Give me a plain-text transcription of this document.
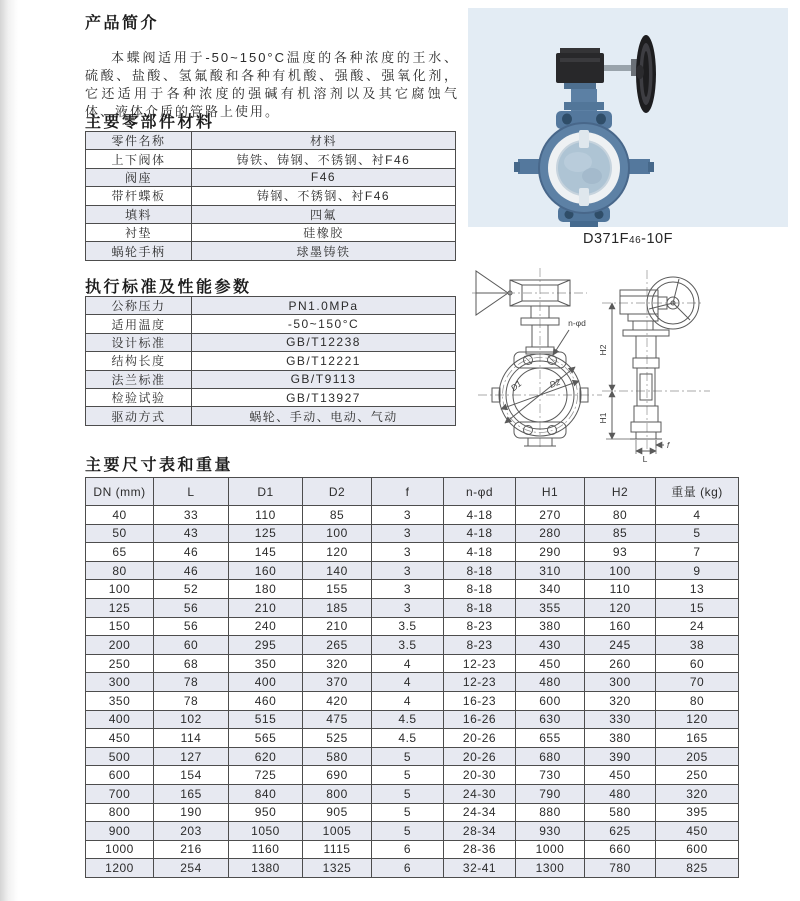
产品简介

本蝶阀适用于-50~150°C温度的各种浓度的王水、硫酸、盐酸、氢氟酸和各种有机酸、强酸、强氧化剂，它还适用于各种浓度的强碱有机溶剂以及其它腐蚀气体、液体介质的管路上使用。

主要零部件材料
零件名称	材料
上下阀体	铸铁、铸钢、不锈钢、衬F46
阀座	F46
带杆蝶板	铸钢、不锈钢、衬F46
填料	四氟
衬垫	硅橡胶
蜗轮手柄	球墨铸铁
执行标准及性能参数
公称压力	PN1.0MPa
适用温度	-50~150°C
设计标准	GB/T12238
结构长度	GB/T12221
法兰标准	GB/T9113
检验试验	GB/T13927
驱动方式	蜗轮、手动、电动、气动
D371F46-10F
n-φd
D1	D2
H2
H1
L
f
主要尺寸表和重量
DN (mm)	L	D1	D2	f	n-φd	H1	H2	重量 (kg)
40	33	110	85	3	4-18	270	80	4
50	43	125	100	3	4-18	280	85	5
65	46	145	120	3	4-18	290	93	7
80	46	160	140	3	8-18	310	100	9
100	52	180	155	3	8-18	340	110	13
125	56	210	185	3	8-18	355	120	15
150	56	240	210	3.5	8-23	380	160	24
200	60	295	265	3.5	8-23	430	245	38
250	68	350	320	4	12-23	450	260	60
300	78	400	370	4	12-23	480	300	70
350	78	460	420	4	16-23	600	320	80
400	102	515	475	4.5	16-26	630	330	120
450	114	565	525	4.5	20-26	655	380	165
500	127	620	580	5	20-26	680	390	205
600	154	725	690	5	20-30	730	450	250
700	165	840	800	5	24-30	790	480	320
800	190	950	905	5	24-34	880	580	395
900	203	1050	1005	5	28-34	930	625	450
1000	216	1160	1115	6	28-36	1000	660	600
1200	254	1380	1325	6	32-41	1300	780	825
